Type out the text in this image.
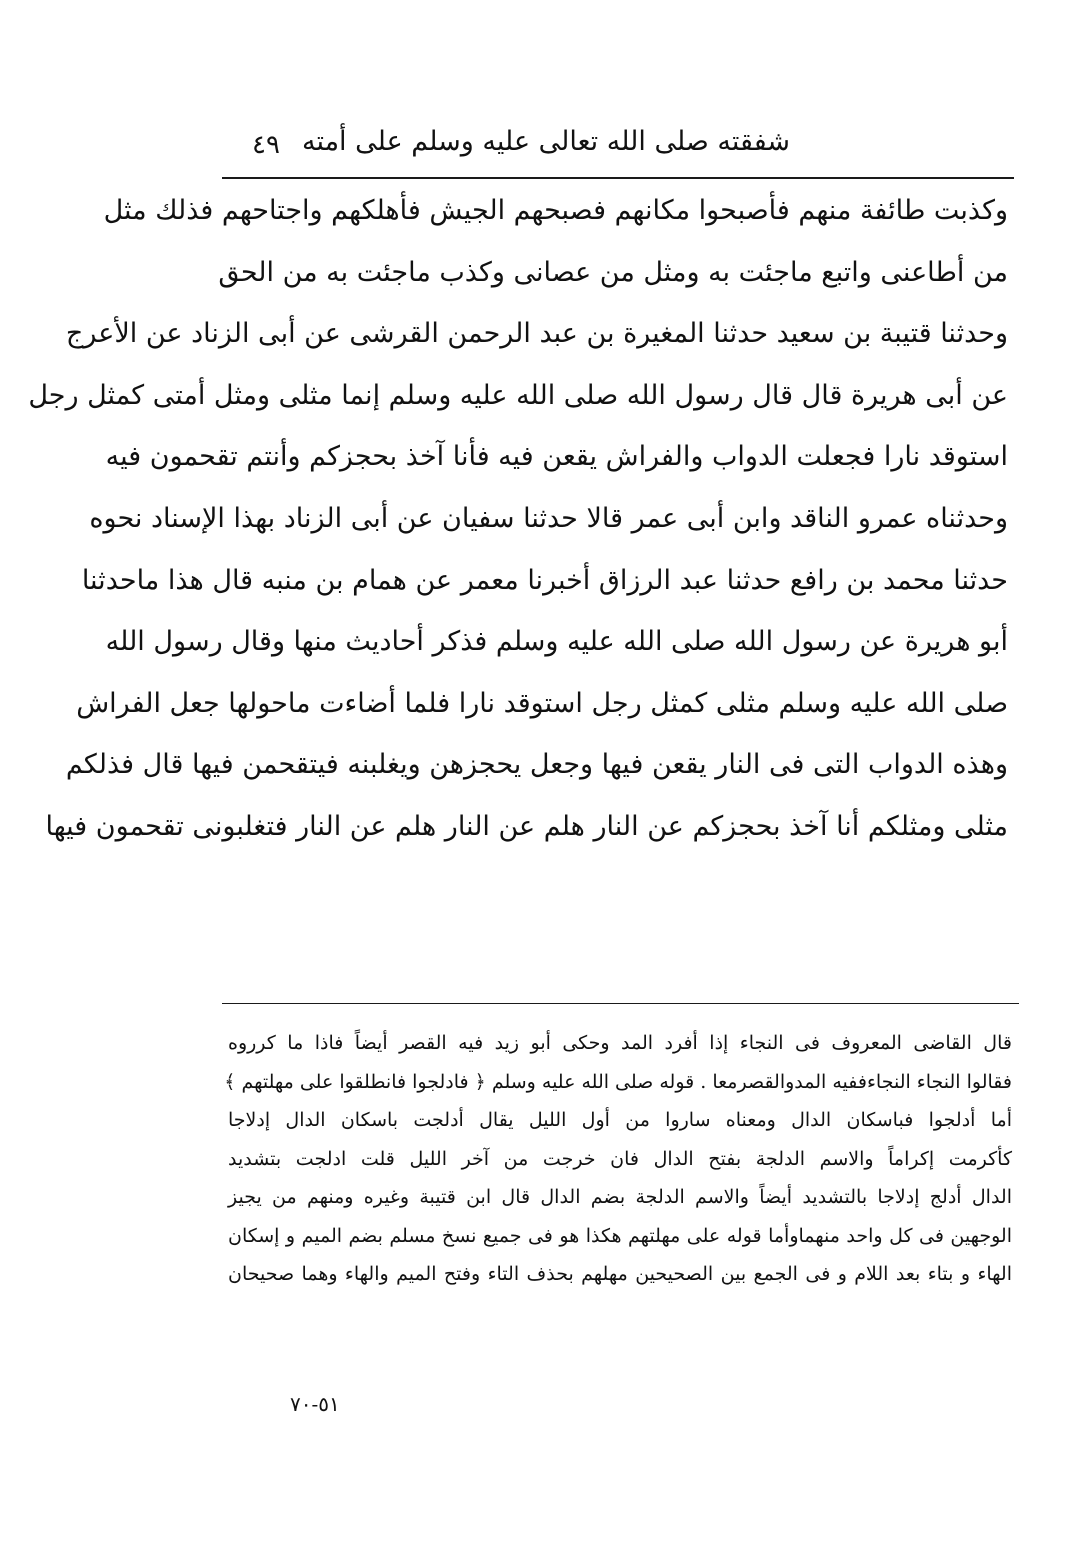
شفقته صلى الله تعالى عليه وسلم على أمته
٤٩
وكذبت طائفة منهم فأصبحوا مكانهم فصبحهم الجيش فأهلكهم واجتاحهم فذلك مثل
من أطاعنى واتبع ماجئت به ومثل من عصانى وكذب ماجئت به من الحق
وحدثنا قتيبة بن سعيد حدثنا المغيرة بن عبد الرحمن القرشى عن أبى الزناد عن الأعرج
عن أبى هريرة قال قال رسول الله صلى الله عليه وسلم إنما مثلى ومثل أمتى كمثل رجل
استوقد نارا فجعلت الدواب والفراش يقعن فيه فأنا آخذ بحجزكم وأنتم تقحمون فيه
وحدثناه عمرو الناقد وابن أبى عمر قالا حدثنا سفيان عن أبى الزناد بهذا الإسناد نحوه
حدثنا محمد بن رافع حدثنا عبد الرزاق أخبرنا معمر عن همام بن منبه قال هذا ماحدثنا
أبو هريرة عن رسول الله صلى الله عليه وسلم فذكر أحاديث منها وقال رسول الله
صلى الله عليه وسلم مثلى كمثل رجل استوقد نارا فلما أضاءت ماحولها جعل الفراش
وهذه الدواب التى فى النار يقعن فيها وجعل يحجزهن ويغلبنه فيتقحمن فيها قال فذلكم
مثلى ومثلكم أنا آخذ بحجزكم عن النار هلم عن النار هلم عن النار فتغلبونى تقحمون فيها
قال القاضى المعروف فى النجاء إذا أفرد المد وحكى أبو زيد فيه القصر أيضاً فاذا ما كرروه
فقالوا النجاء النجاءففيه المدوالقصرمعا . قوله صلى الله عليه وسلم ﴿ فادلجوا فانطلقوا على مهلتهم ﴾
أما أدلجوا فباسكان الدال ومعناه ساروا من أول الليل يقال أدلجت باسكان الدال إدلاجا
كأكرمت إكراماً والاسم الدلجة بفتح الدال فان خرجت من آخر الليل قلت ادلجت بتشديد
الدال أدلج إدلاجا بالتشديد أيضاً والاسم الدلجة بضم الدال قال ابن قتيبة وغيره ومنهم من يجيز
الوجهين فى كل واحد منهماوأما قوله على مهلتهم هكذا هو فى جميع نسخ مسلم بضم الميم و إسكان
الهاء و بتاء بعد اللام و فى الجمع بين الصحيحين مهلهم بحذف التاء وفتح الميم والهاء وهما صحيحان
٥١-٧٠
